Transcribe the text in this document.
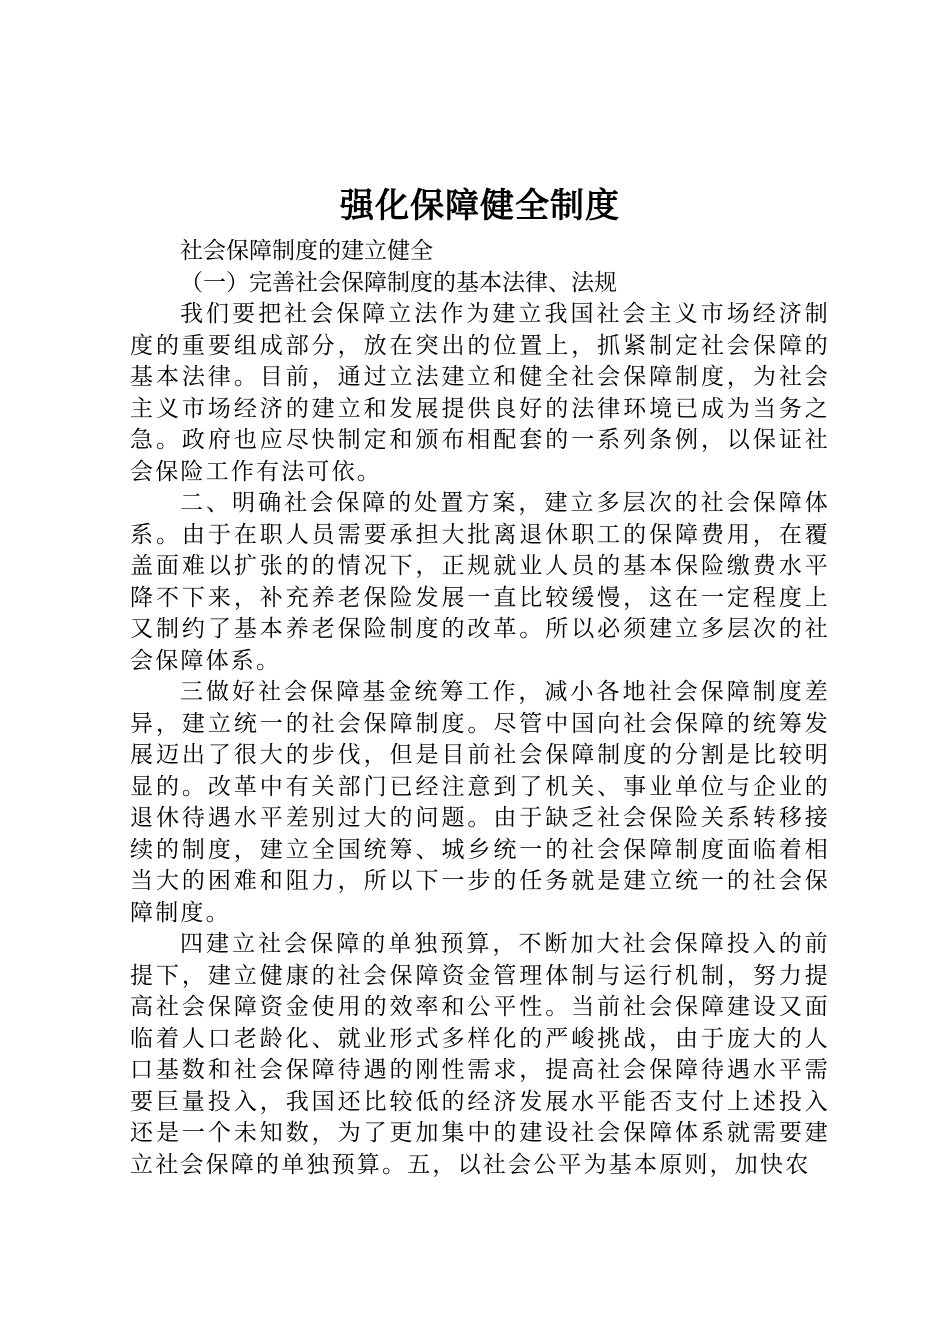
强化保障健全制度

社会保障制度的建立健全

（一）完善社会保障制度的基本法律、法规

我们要把社会保障立法作为建立我国社会主义市场经济制度的重要组成部分，放在突出的位置上，抓紧制定社会保障的基本法律。目前，通过立法建立和健全社会保障制度，为社会主义市场经济的建立和发展提供良好的法律环境已成为当务之急。政府也应尽快制定和颁布相配套的一系列条例，以保证社会保险工作有法可依。

二、明确社会保障的处置方案，建立多层次的社会保障体系。由于在职人员需要承担大批离退休职工的保障费用，在覆盖面难以扩张的的情况下，正规就业人员的基本保险缴费水平降不下来，补充养老保险发展一直比较缓慢，这在一定程度上又制约了基本养老保险制度的改革。所以必须建立多层次的社会保障体系。

三做好社会保障基金统筹工作，减小各地社会保障制度差异，建立统一的社会保障制度。尽管中国向社会保障的统筹发展迈出了很大的步伐，但是目前社会保障制度的分割是比较明显的。改革中有关部门已经注意到了机关、事业单位与企业的退休待遇水平差别过大的问题。由于缺乏社会保险关系转移接续的制度，建立全国统筹、城乡统一的社会保障制度面临着相当大的困难和阻力，所以下一步的任务就是建立统一的社会保障制度。

四建立社会保障的单独预算，不断加大社会保障投入的前提下，建立健康的社会保障资金管理体制与运行机制，努力提高社会保障资金使用的效率和公平性。当前社会保障建设又面临着人口老龄化、就业形式多样化的严峻挑战，由于庞大的人口基数和社会保障待遇的刚性需求，提高社会保障待遇水平需要巨量投入，我国还比较低的经济发展水平能否支付上述投入还是一个未知数，为了更加集中的建设社会保障体系就需要建立社会保障的单独预算。五，以社会公平为基本原则，加快农
